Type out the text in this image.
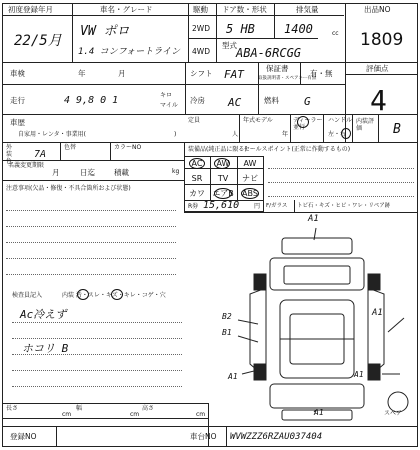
初度登録年月
22/5月
車名・グレード
VW ポロ
1.4 コンフォートライン
駆動
2WD
4WD
ドア数・形状
5 HB
排気量
1400	cc
型式
ABA-6RCGG
出品NO
1809
車検	年	月	シフト FAT	保証書
取扱説明書・スペアキー有無
有・無
評価点
4
走行	4 9,8 0 1	キロ
マイル
冷房 AC	燃料 G
車歴
自家用・レンタ・事業用(	)
定員
人
年式モデル
年
ディーラー並行
ハンドル
左・右
内装評価	B
外装色
7A
色替	カラーNO
名義変更期限
月	日迄	積載	kg
注意事項(欠品・修復・不具合箇所および状態)
装備品(純正品に限る)
セールスポイント(正常に作動するもの)
AC	AW	AW
SR	TV	ナビ
カワ エアB	ABS
R券 15,610 円 F/ガラス トビ石・キズ・ヒビ・ワレ・リペア跡
検査員記入	内装 汚・スレ・キズ・キレ・コゲ・穴
Ac冷えず
ホコリ B
A1
A1
B2
B1
A1	A1
A1	スペア
長さ
cm
幅
cm
高さ
cm
登録NO	車台NO WVWZZZ6RZAU037404
